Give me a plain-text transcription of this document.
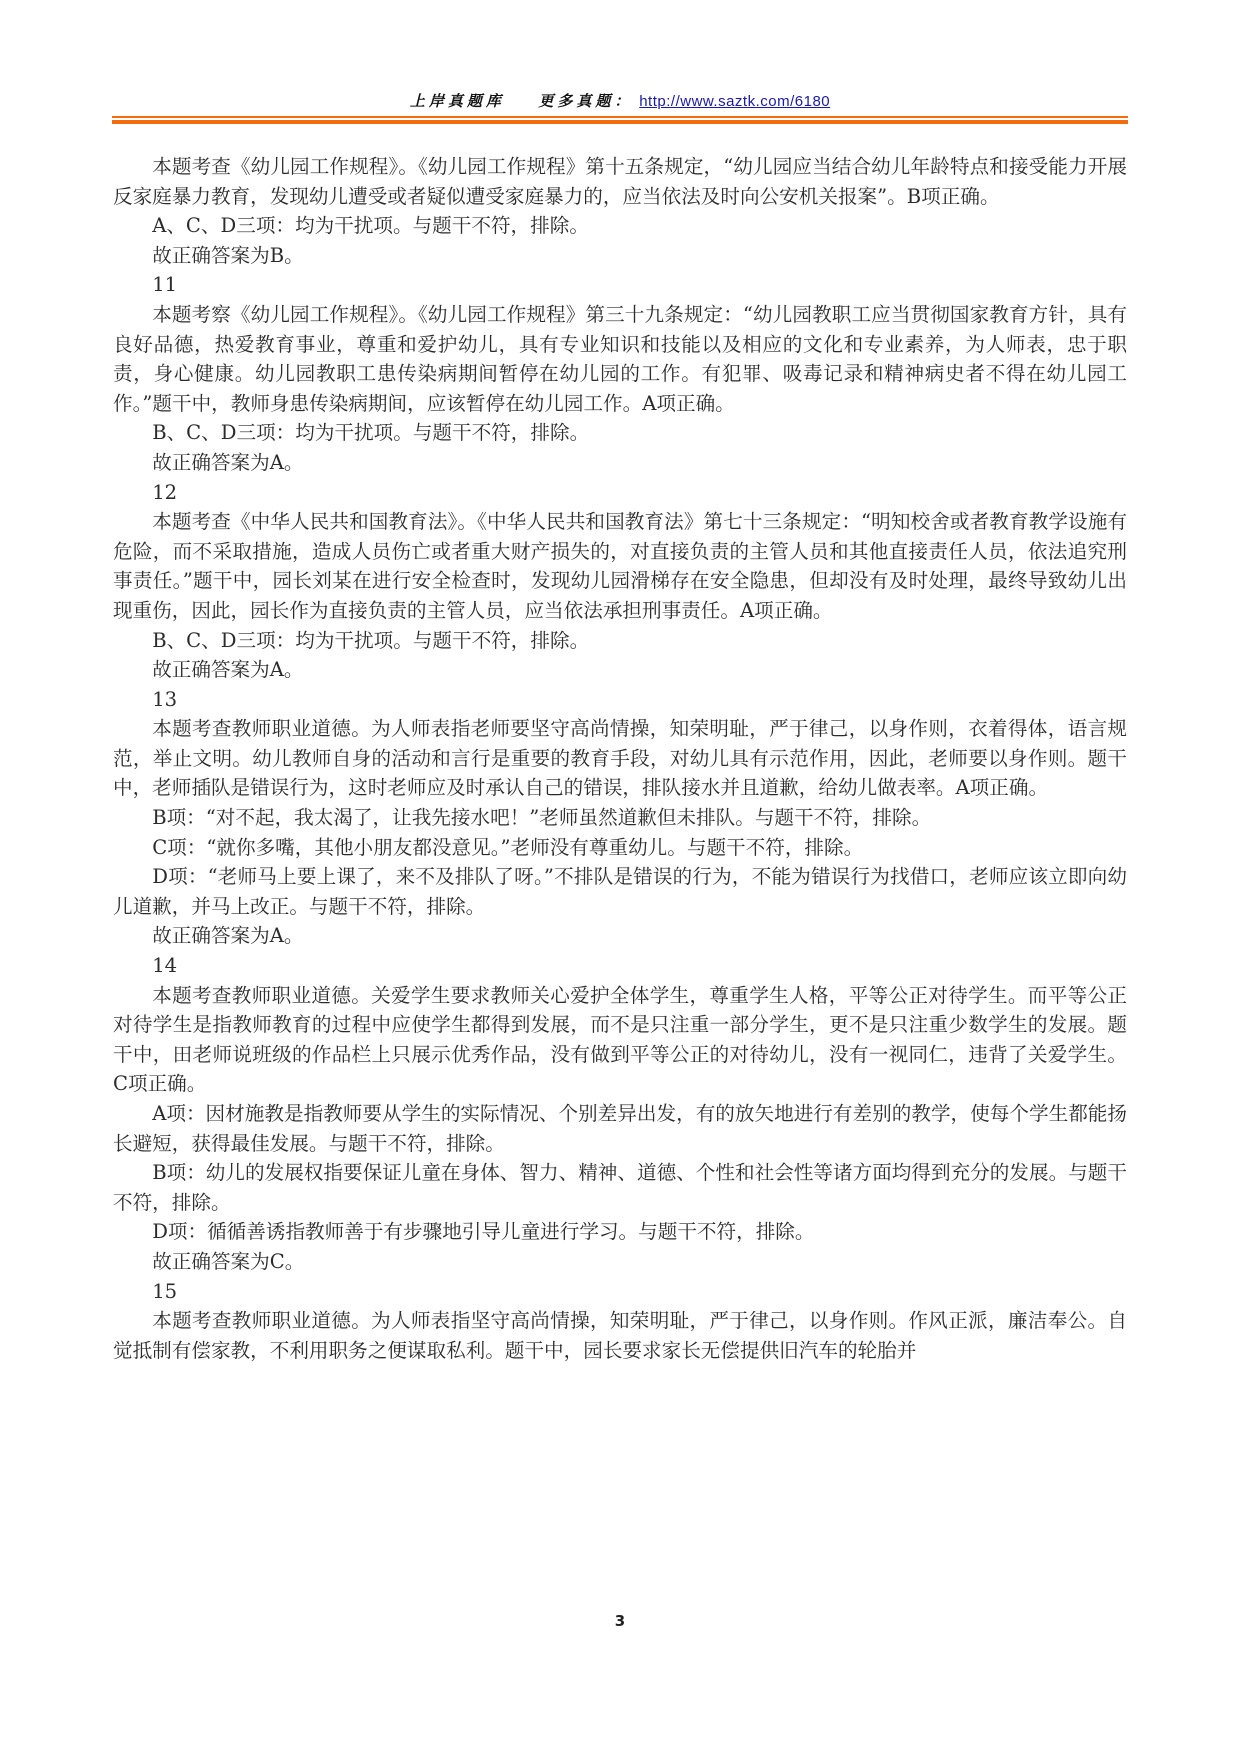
上岸真题库 更多真题： http://www.saztk.com/6180

本题考查《幼儿园工作规程》。《幼儿园工作规程》第十五条规定，“幼儿园应当结合幼儿年龄特点和接受能力开展反家庭暴力教育，发现幼儿遭受或者疑似遭受家庭暴力的，应当依法及时向公安机关报案”。B项正确。

A、C、D三项：均为干扰项。与题干不符，排除。

故正确答案为B。

11

本题考察《幼儿园工作规程》。《幼儿园工作规程》第三十九条规定：“幼儿园教职工应当贯彻国家教育方针，具有良好品德，热爱教育事业，尊重和爱护幼儿，具有专业知识和技能以及相应的文化和专业素养，为人师表，忠于职责，身心健康。幼儿园教职工患传染病期间暂停在幼儿园的工作。有犯罪、吸毒记录和精神病史者不得在幼儿园工作。”题干中，教师身患传染病期间，应该暂停在幼儿园工作。A项正确。

B、C、D三项：均为干扰项。与题干不符，排除。

故正确答案为A。

12

本题考查《中华人民共和国教育法》。《中华人民共和国教育法》第七十三条规定：“明知校舍或者教育教学设施有危险，而不采取措施，造成人员伤亡或者重大财产损失的，对直接负责的主管人员和其他直接责任人员，依法追究刑事责任。”题干中，园长刘某在进行安全检查时，发现幼儿园滑梯存在安全隐患，但却没有及时处理，最终导致幼儿出现重伤，因此，园长作为直接负责的主管人员，应当依法承担刑事责任。A项正确。

B、C、D三项：均为干扰项。与题干不符，排除。

故正确答案为A。

13

本题考查教师职业道德。为人师表指老师要坚守高尚情操，知荣明耻，严于律己，以身作则，衣着得体，语言规范，举止文明。幼儿教师自身的活动和言行是重要的教育手段，对幼儿具有示范作用，因此，老师要以身作则。题干中，老师插队是错误行为，这时老师应及时承认自己的错误，排队接水并且道歉，给幼儿做表率。A项正确。

B项：“对不起，我太渴了，让我先接水吧！”老师虽然道歉但未排队。与题干不符，排除。

C项：“就你多嘴，其他小朋友都没意见。”老师没有尊重幼儿。与题干不符，排除。

D项：“老师马上要上课了，来不及排队了呀。”不排队是错误的行为，不能为错误行为找借口，老师应该立即向幼儿道歉，并马上改正。与题干不符，排除。

故正确答案为A。

14

本题考查教师职业道德。关爱学生要求教师关心爱护全体学生，尊重学生人格，平等公正对待学生。而平等公正对待学生是指教师教育的过程中应使学生都得到发展，而不是只注重一部分学生，更不是只注重少数学生的发展。题干中，田老师说班级的作品栏上只展示优秀作品，没有做到平等公正的对待幼儿，没有一视同仁，违背了关爱学生。C项正确。

A项：因材施教是指教师要从学生的实际情况、个别差异出发，有的放矢地进行有差别的教学，使每个学生都能扬长避短，获得最佳发展。与题干不符，排除。

B项：幼儿的发展权指要保证儿童在身体、智力、精神、道德、个性和社会性等诸方面均得到充分的发展。与题干不符，排除。

D项：循循善诱指教师善于有步骤地引导儿童进行学习。与题干不符，排除。

故正确答案为C。

15

本题考查教师职业道德。为人师表指坚守高尚情操，知荣明耻，严于律己，以身作则。作风正派，廉洁奉公。自觉抵制有偿家教，不利用职务之便谋取私利。题干中，园长要求家长无偿提供旧汽车的轮胎并

3
